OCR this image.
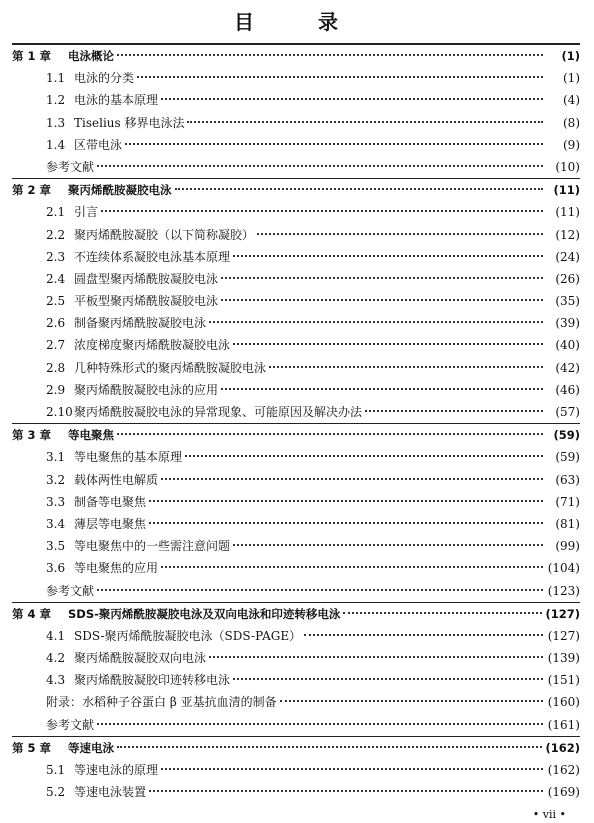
目　录
第 1 章	电泳概论	(1)
1.1 电泳的分类	(1)
1.2 电泳的基本原理	(4)
1.3 Tiselius 移界电泳法	(8)
1.4 区带电泳	(9)
参考文献	(10)
第 2 章	聚丙烯酰胺凝胶电泳	(11)
2.1 引言	(11)
2.2 聚丙烯酰胺凝胶（以下简称凝胶）	(12)
2.3 不连续体系凝胶电泳基本原理	(24)
2.4 圆盘型聚丙烯酰胺凝胶电泳	(26)
2.5 平板型聚丙烯酰胺凝胶电泳	(35)
2.6 制备聚丙烯酰胺凝胶电泳	(39)
2.7 浓度梯度聚丙烯酰胺凝胶电泳	(40)
2.8 几种特殊形式的聚丙烯酰胺凝胶电泳	(42)
2.9 聚丙烯酰胺凝胶电泳的应用	(46)
2.10 聚丙烯酰胺凝胶电泳的异常现象、可能原因及解决办法	(57)
第 3 章	等电聚焦	(59)
3.1 等电聚焦的基本原理	(59)
3.2 载体两性电解质	(63)
3.3 制备等电聚焦	(71)
3.4 薄层等电聚焦	(81)
3.5 等电聚焦中的一些需注意问题	(99)
3.6 等电聚焦的应用	(104)
参考文献	(123)
第 4 章	SDS-聚丙烯酰胺凝胶电泳及双向电泳和印迹转移电泳	(127)
4.1 SDS-聚丙烯酰胺凝胶电泳（SDS-PAGE）	(127)
4.2 聚丙烯酰胺凝胶双向电泳	(139)
4.3 聚丙烯酰胺凝胶印迹转移电泳	(151)
附录：水稻种子谷蛋白 β 亚基抗血清的制备	(160)
参考文献	(161)
第 5 章	等速电泳	(162)
5.1 等速电泳的原理	(162)
5.2 等速电泳装置	(169)
• vii •
